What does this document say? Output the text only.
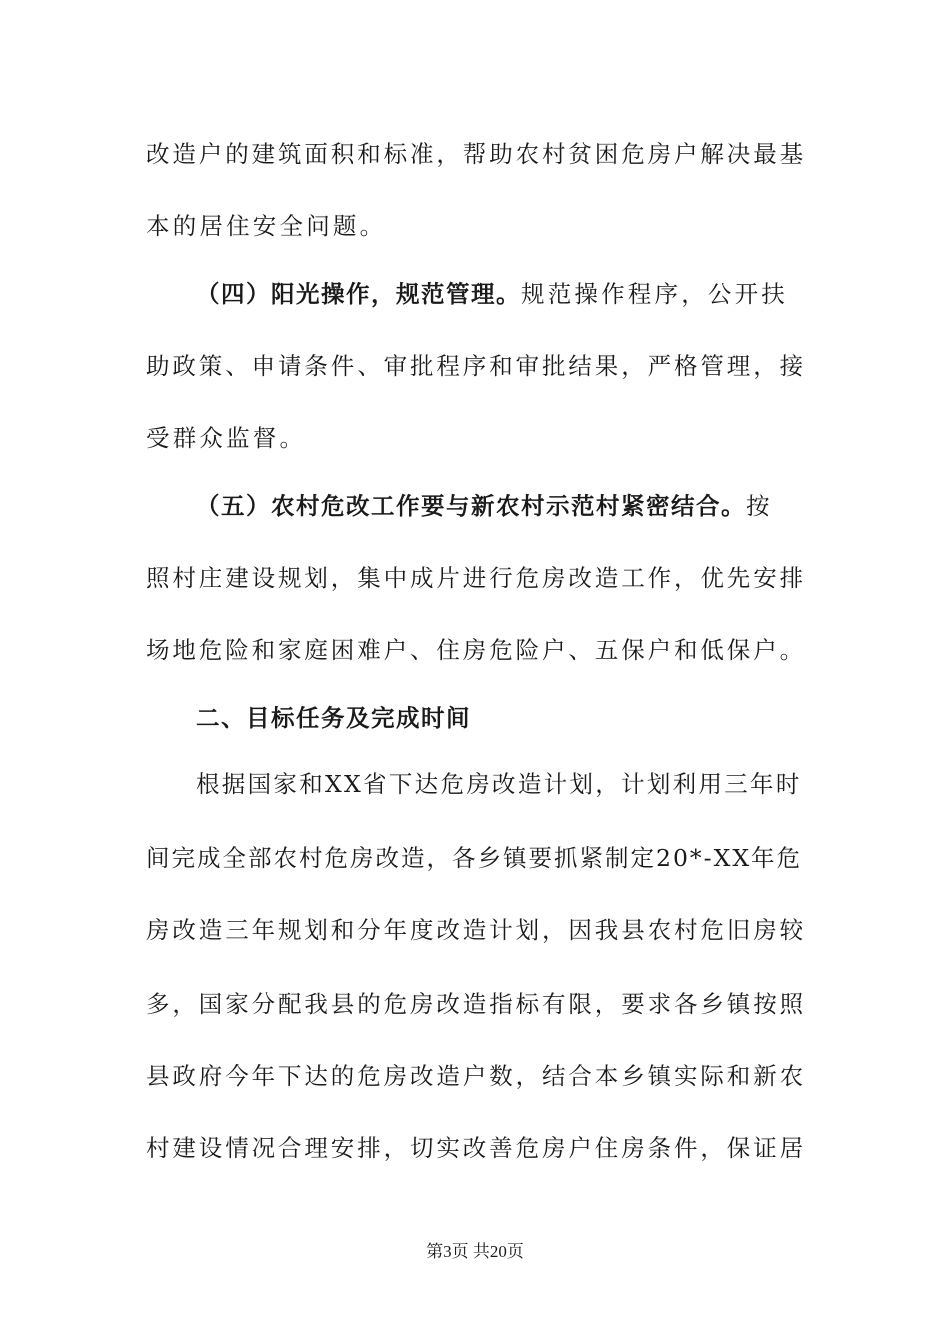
改造户的建筑面积和标准，帮助农村贫困危房户解决最基
本的居住安全问题。
（四）阳光操作，规范管理。规范操作程序，公开扶
助政策、申请条件、审批程序和审批结果，严格管理，接
受群众监督。
（五）农村危改工作要与新农村示范村紧密结合。按
照村庄建设规划，集中成片进行危房改造工作，优先安排
场地危险和家庭困难户、住房危险户、五保户和低保户。
二、目标任务及完成时间
根据国家和XX省下达危房改造计划，计划利用三年时
间完成全部农村危房改造，各乡镇要抓紧制定20*-XX年危
房改造三年规划和分年度改造计划，因我县农村危旧房较
多，国家分配我县的危房改造指标有限，要求各乡镇按照
县政府今年下达的危房改造户数，结合本乡镇实际和新农
村建设情况合理安排，切实改善危房户住房条件，保证居
第3页 共20页
